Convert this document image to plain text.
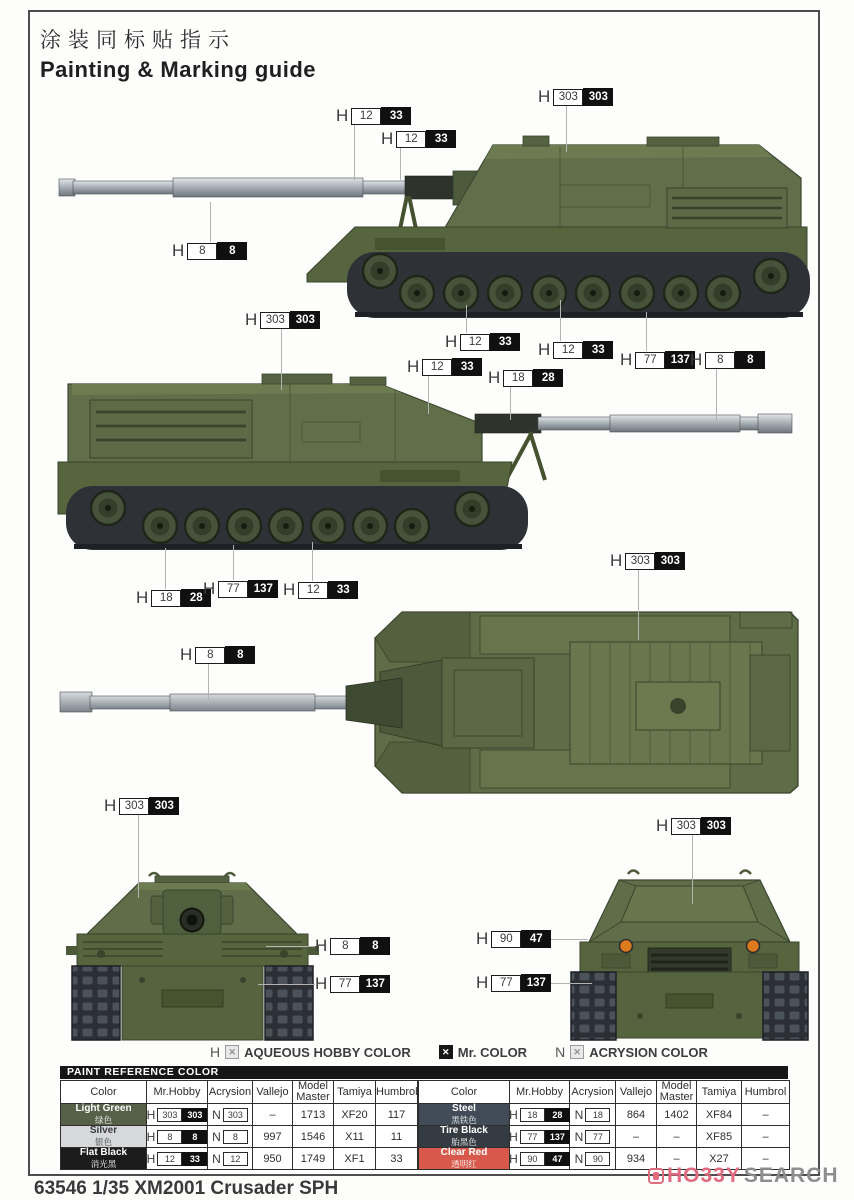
涂装同标贴指示
Painting & Marking guide
H	12	33
H	12	33
H 303 303
H	8	8
H 303 303
H	12	33
H	12	33
H	18	28
H	12	33 H	77	137 H	8	8
H	18	28 H	77	137 H	12	33
H 303 303
H	8	8
H 303 303
H	8	8
H	77	137
H 303 303
H	90	47
H	77	137
H ✕ AQUEOUS HOBBY COLOR	✕ Mr. COLOR N ✕ ACRYSION COLOR
PAINT REFERENCE COLOR
Color	Mr.Hobby	Acrysion	Vallejo	Model Master	Tamiya	Humbrol

Light Green
绿色	H 303 303	N 303	–	1713	XF20	117

Silver
银色	H 8 8	N 8	997	1546	X11	11

Flat Black
消光黑	H 12 33	N 12	950	1749	XF1	33
Color	Mr.Hobby	Acrysion	Vallejo	Model Master	Tamiya	Humbrol

Steel
黑铁色	H 18 28	N 18	864	1402	XF84	–

Tire Black
胎黑色	H 77 137	N 77	–	–	XF85	–

Clear Red
透明红	H 90 47	N 90	934	–	X27	–
63546 1/35 XM2001 Crusader SPH
HO33Y SEARCH
